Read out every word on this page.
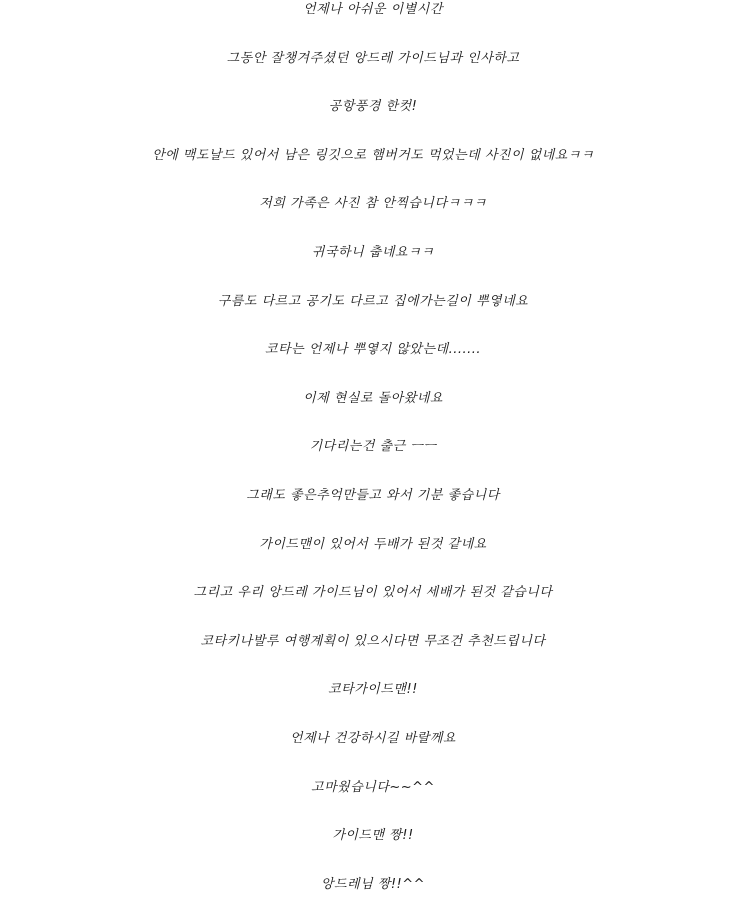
언제나 아쉬운 이별시간
그동안 잘챙겨주셨던 앙드레 가이드님과 인사하고
공항풍경 한컷!
안에 맥도날드 있어서 남은 링깃으로 햄버거도 먹었는데 사진이 없네요ㅋㅋ
저희 가족은 사진 참 안찍습니다ㅋㅋㅋ
귀국하니 춥네요ㅋㅋ
구름도 다르고 공기도 다르고 집에가는길이 뿌옇네요
코타는 언제나 뿌옇지 않았는데.......
이제 현실로 돌아왔네요
기다리는건 출근 ㅡㅡ
그래도 좋은추억만들고 와서 기분 좋습니다
가이드맨이 있어서 두배가 된것 같네요
그리고 우리 앙드레 가이드님이 있어서 세배가 된것 같습니다
코타키나발루 여행계획이 있으시다면 무조건 추천드립니다
코타가이드맨!!
언제나 건강하시길 바랄께요
고마웠습니다~~^^
가이드맨 짱!!
앙드레님 짱!!^^
